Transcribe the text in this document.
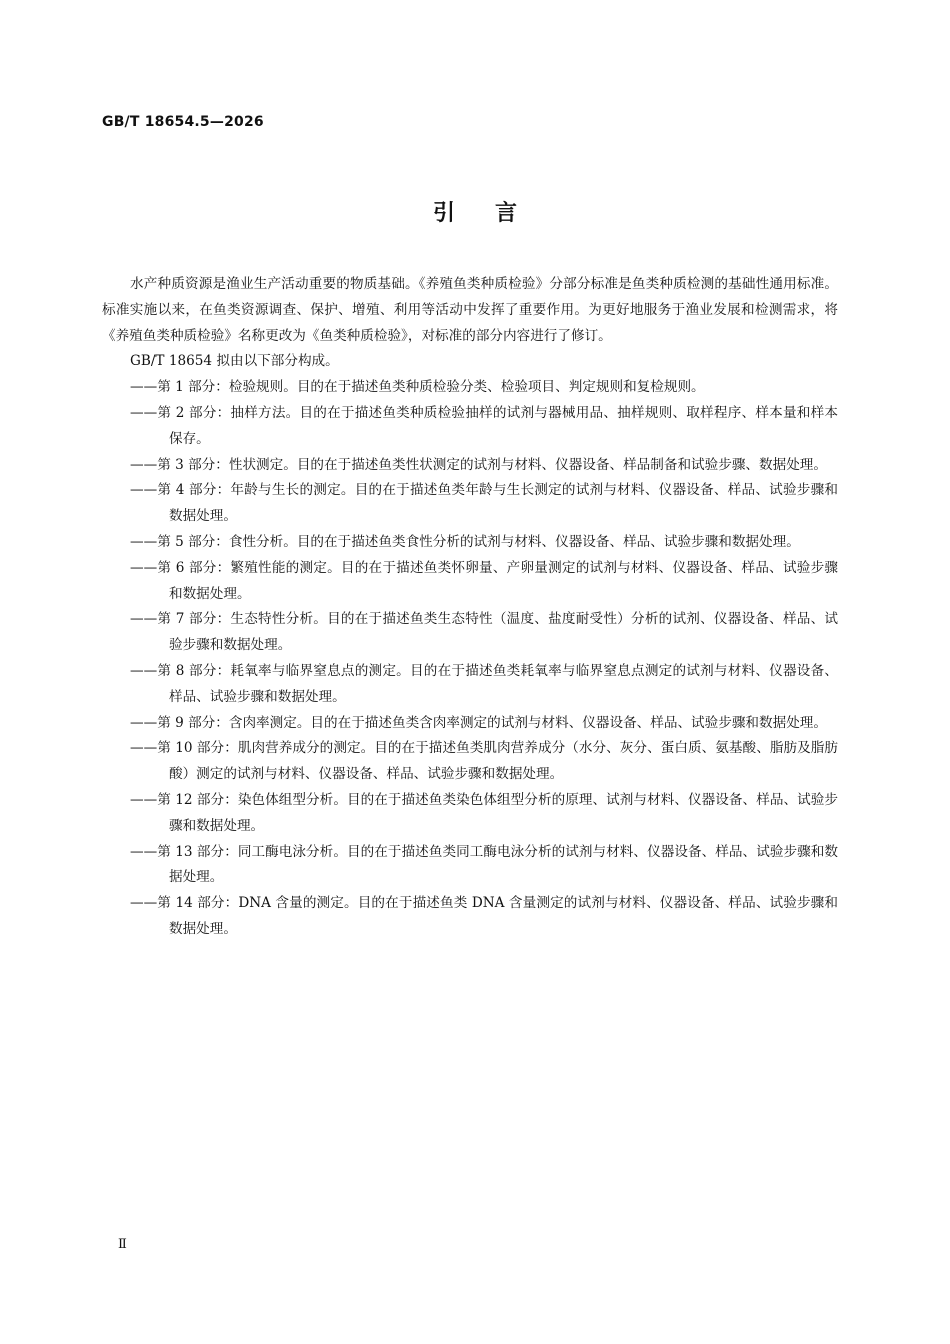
GB/T 18654.5—2026

引言

水产种质资源是渔业生产活动重要的物质基础。《养殖鱼类种质检验》分部分标准是鱼类种质检测的基础性通用标准。标准实施以来，在鱼类资源调查、保护、增殖、利用等活动中发挥了重要作用。为更好地服务于渔业发展和检测需求，将《养殖鱼类种质检验》名称更改为《鱼类种质检验》，对标准的部分内容进行了修订。

GB/T 18654 拟由以下部分构成。

——第 1 部分：检验规则。目的在于描述鱼类种质检验分类、检验项目、判定规则和复检规则。
——第 2 部分：抽样方法。目的在于描述鱼类种质检验抽样的试剂与器械用品、抽样规则、取样程序、样本量和样本保存。
——第 3 部分：性状测定。目的在于描述鱼类性状测定的试剂与材料、仪器设备、样品制备和试验步骤、数据处理。
——第 4 部分：年龄与生长的测定。目的在于描述鱼类年龄与生长测定的试剂与材料、仪器设备、样品、试验步骤和数据处理。
——第 5 部分：食性分析。目的在于描述鱼类食性分析的试剂与材料、仪器设备、样品、试验步骤和数据处理。
——第 6 部分：繁殖性能的测定。目的在于描述鱼类怀卵量、产卵量测定的试剂与材料、仪器设备、样品、试验步骤和数据处理。
——第 7 部分：生态特性分析。目的在于描述鱼类生态特性（温度、盐度耐受性）分析的试剂、仪器设备、样品、试验步骤和数据处理。
——第 8 部分：耗氧率与临界窒息点的测定。目的在于描述鱼类耗氧率与临界窒息点测定的试剂与材料、仪器设备、样品、试验步骤和数据处理。
——第 9 部分：含肉率测定。目的在于描述鱼类含肉率测定的试剂与材料、仪器设备、样品、试验步骤和数据处理。
——第 10 部分：肌肉营养成分的测定。目的在于描述鱼类肌肉营养成分（水分、灰分、蛋白质、氨基酸、脂肪及脂肪酸）测定的试剂与材料、仪器设备、样品、试验步骤和数据处理。
——第 12 部分：染色体组型分析。目的在于描述鱼类染色体组型分析的原理、试剂与材料、仪器设备、样品、试验步骤和数据处理。
——第 13 部分：同工酶电泳分析。目的在于描述鱼类同工酶电泳分析的试剂与材料、仪器设备、样品、试验步骤和数据处理。
——第 14 部分：DNA 含量的测定。目的在于描述鱼类 DNA 含量测定的试剂与材料、仪器设备、样品、试验步骤和数据处理。

Ⅱ
